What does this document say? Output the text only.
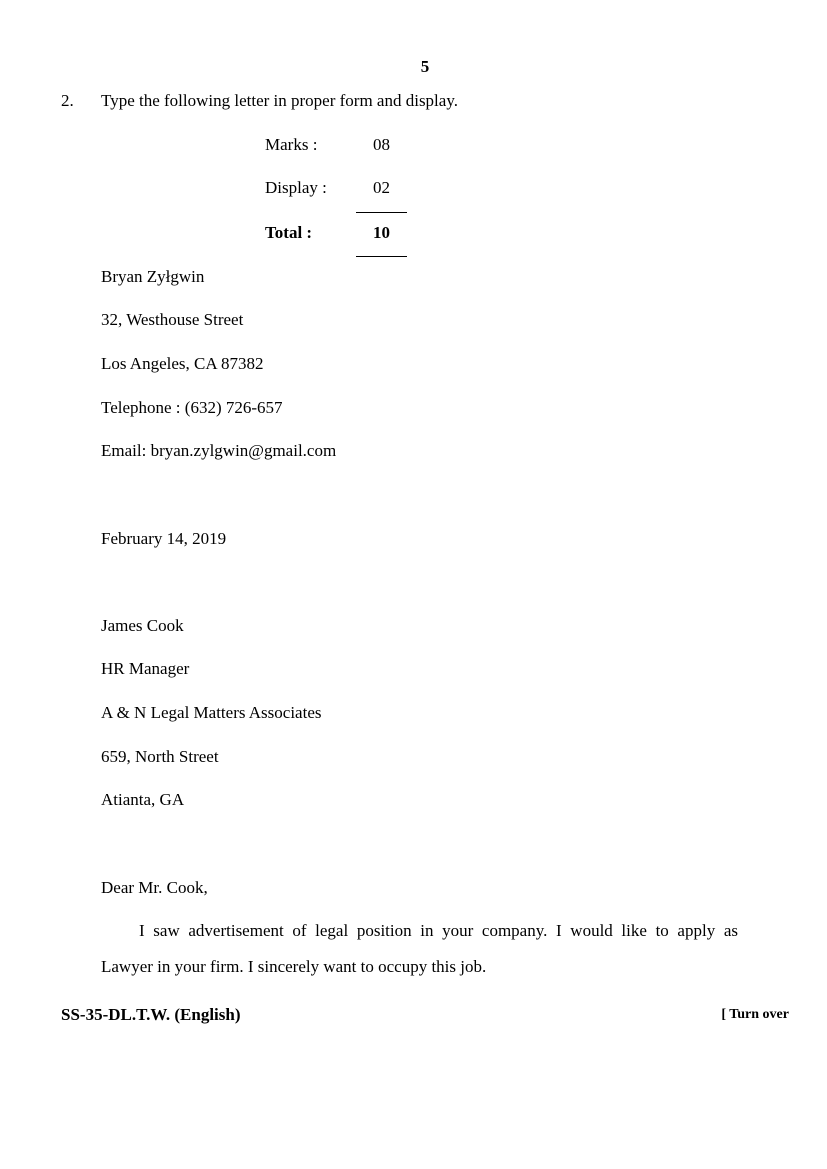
5
2. Type the following letter in proper form and display.
Marks :	08
Display :	02
Total :	10
Bryan Zyłgwin
32, Westhouse Street
Los Angeles, CA 87382
Telephone : (632) 726-657
Email: bryan.zylgwin@gmail.com
February 14, 2019
James Cook
HR Manager
A & N Legal Matters Associates
659, North Street
Atianta, GA
Dear Mr. Cook,
I saw advertisement of legal position in your company. I would like to apply as
Lawyer in your firm. I sincerely want to occupy this job.
SS-35-DL.T.W. (English)	[ Turn over
